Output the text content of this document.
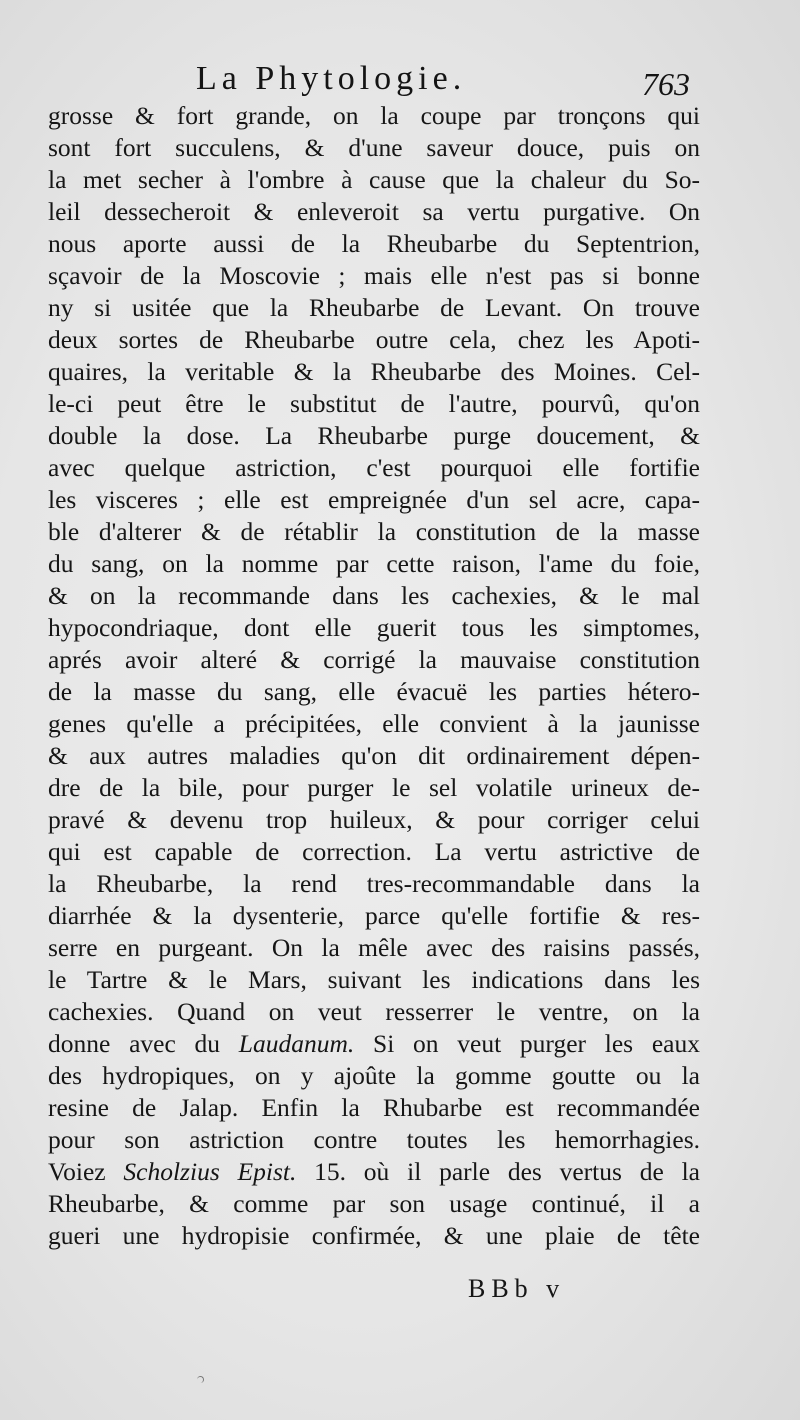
La Phytologie.	763
grosse & fort grande, on la coupe par tronçons qui
sont fort succulens, & d'une saveur douce, puis on
la met secher à l'ombre à cause que la chaleur du So-
leil dessecheroit & enleveroit sa vertu purgative. On
nous aporte aussi de la Rheubarbe du Septentrion,
sçavoir de la Moscovie ; mais elle n'est pas si bonne
ny si usitée que la Rheubarbe de Levant. On trouve
deux sortes de Rheubarbe outre cela, chez les Apoti-
quaires, la veritable & la Rheubarbe des Moines. Cel-
le-ci peut être le substitut de l'autre, pourvû, qu'on
double la dose. La Rheubarbe purge doucement, &
avec quelque astriction, c'est pourquoi elle fortifie
les visceres ; elle est empreignée d'un sel acre, capa-
ble d'alterer & de rétablir la constitution de la masse
du sang, on la nomme par cette raison, l'ame du foie,
& on la recommande dans les cachexies, & le mal
hypocondriaque, dont elle guerit tous les simptomes,
aprés avoir alteré & corrigé la mauvaise constitution
de la masse du sang, elle évacuë les parties hétero-
genes qu'elle a précipitées, elle convient à la jaunisse
& aux autres maladies qu'on dit ordinairement dépen-
dre de la bile, pour purger le sel volatile urineux de-
pravé & devenu trop huileux, & pour corriger celui
qui est capable de correction. La vertu astrictive de
la Rheubarbe, la rend tres-recommandable dans la
diarrhée & la dysenterie, parce qu'elle fortifie & res-
serre en purgeant. On la mêle avec des raisins passés,
le Tartre & le Mars, suivant les indications dans les
cachexies. Quand on veut resserrer le ventre, on la
donne avec du Laudanum. Si on veut purger les eaux
des hydropiques, on y ajoûte la gomme goutte ou la
resine de Jalap. Enfin la Rhubarbe est recommandée
pour son astriction contre toutes les hemorrhagies.
Voiez Scholzius Epist. 15. où il parle des vertus de la
Rheubarbe, & comme par son usage continué, il a
gueri une hydropisie confirmée, & une plaie de tête
BBb v
